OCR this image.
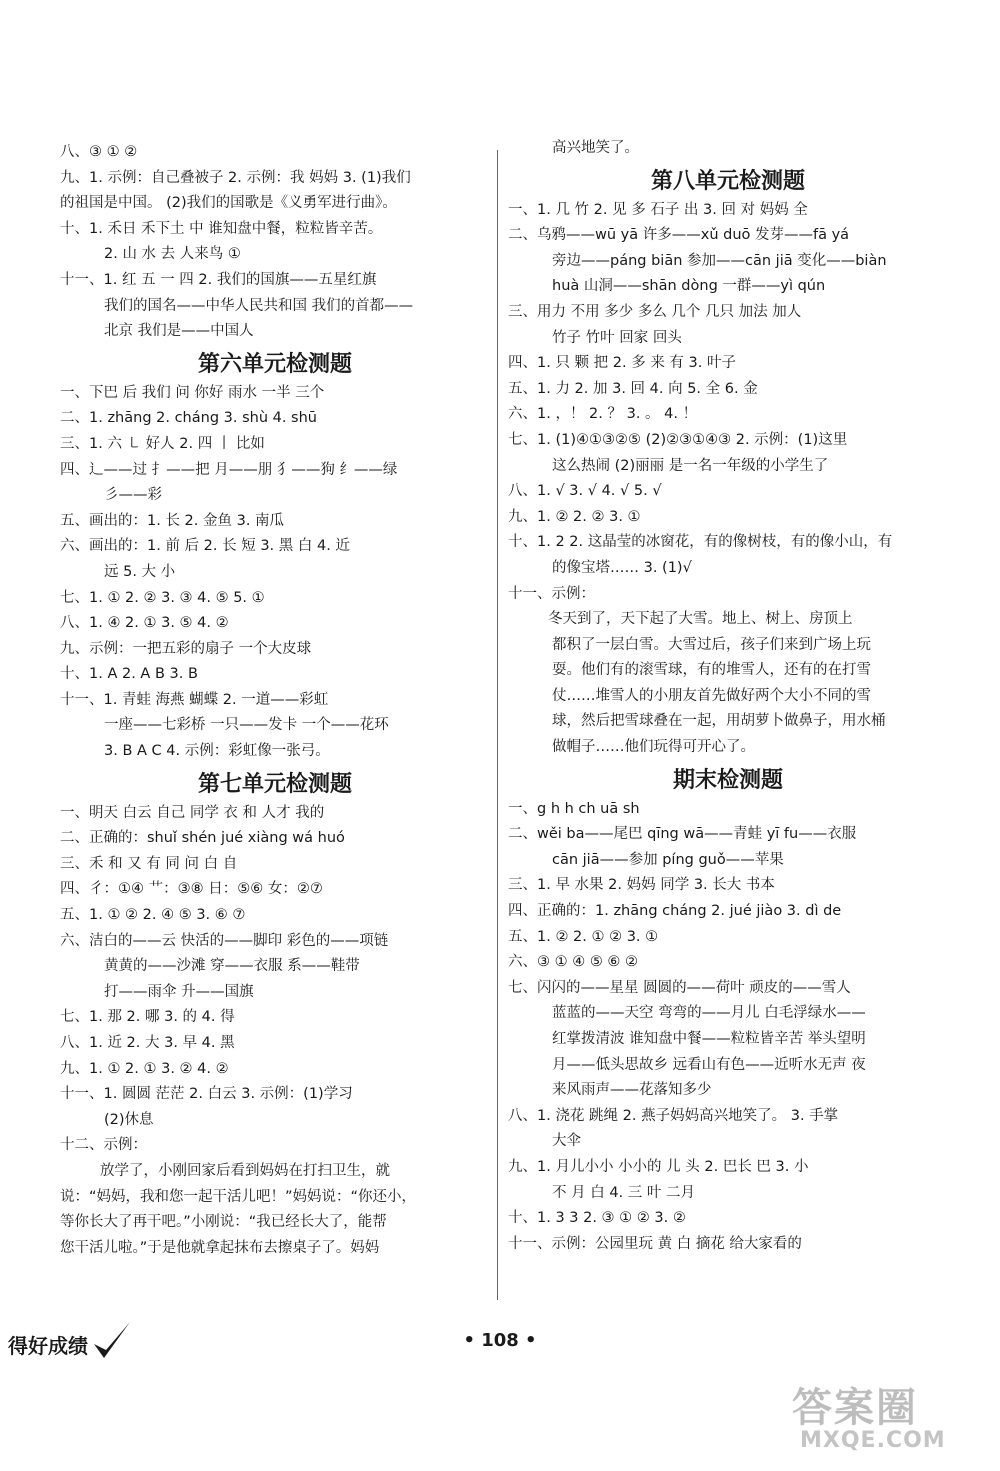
八、③ ① ②
九、1. 示例：自己叠被子 2. 示例：我 妈妈 3. (1)我们
的祖国是中国。 (2)我们的国歌是《义勇军进行曲》。
十、1. 禾日 禾下土 中 谁知盘中餐，粒粒皆辛苦。
2. 山 水 去 人来鸟 ①
十一、1. 红 五 一 四 2. 我们的国旗——五星红旗
我们的国名——中华人民共和国 我们的首都——
北京 我们是——中国人
第六单元检测题
一、下巴 后 我们 问 你好 雨水 一半 三个
二、1. zhāng 2. cháng 3. shù 4. shū
三、1. 六 ㇄ 好人 2. 四 丨 比如
四、辶——过 扌——把 月——朋 犭——狗 纟——绿
彡——彩
五、画出的：1. 长 2. 金鱼 3. 南瓜
六、画出的：1. 前 后 2. 长 短 3. 黑 白 4. 近
远 5. 大 小
七、1. ① 2. ② 3. ③ 4. ⑤ 5. ①
八、1. ④ 2. ① 3. ⑤ 4. ②
九、示例：一把五彩的扇子 一个大皮球
十、1. A 2. A B 3. B
十一、1. 青蛙 海燕 蝴蝶 2. 一道——彩虹
一座——七彩桥 一只——发卡 一个——花环
3. B A C 4. 示例：彩虹像一张弓。
第七单元检测题
一、明天 白云 自己 同学 衣 和 人才 我的
二、正确的：shuǐ shén jué xiàng wá huó
三、禾 和 又 有 同 问 白 自
四、彳：①④ 艹：③⑧ 日：⑤⑥ 女：②⑦
五、1. ① ② 2. ④ ⑤ 3. ⑥ ⑦
六、洁白的——云 快活的——脚印 彩色的——项链
黄黄的——沙滩 穿——衣服 系——鞋带
打——雨伞 升——国旗
七、1. 那 2. 哪 3. 的 4. 得
八、1. 近 2. 大 3. 早 4. 黑
九、1. ① 2. ① 3. ② 4. ②
十一、1. 圆圆 茫茫 2. 白云 3. 示例：(1)学习
(2)休息
十二、示例：
放学了，小刚回家后看到妈妈在打扫卫生，就
说：“妈妈，我和您一起干活儿吧！”妈妈说：“你还小，
等你长大了再干吧。”小刚说：“我已经长大了，能帮
您干活儿啦。”于是他就拿起抹布去擦桌子了。妈妈
高兴地笑了。
第八单元检测题
一、1. 几 竹 2. 见 多 石子 出 3. 回 对 妈妈 全
二、乌鸦——wū yā 许多——xǔ duō 发芽——fā yá
旁边——páng biān 参加——cān jiā 变化——biàn
huà 山洞——shān dòng 一群——yì qún
三、用力 不用 多少 多么 几个 几只 加法 加人
竹子 竹叶 回家 回头
四、1. 只 颗 把 2. 多 来 有 3. 叶子
五、1. 力 2. 加 3. 回 4. 向 5. 全 6. 金
六、1. ，！ 2. ？ 3. 。 4. ！
七、1. (1)④①③②⑤ (2)②③①④③ 2. 示例：(1)这里
这么热闹 (2)丽丽 是一名一年级的小学生了
八、1. √ 3. √ 4. √ 5. √
九、1. ② 2. ② 3. ①
十、1. 2 2. 这晶莹的冰窗花，有的像树枝，有的像小山，有
的像宝塔…… 3. (1)√
十一、示例：
冬天到了，天下起了大雪。地上、树上、房顶上
都积了一层白雪。大雪过后，孩子们来到广场上玩
耍。他们有的滚雪球，有的堆雪人，还有的在打雪
仗……堆雪人的小朋友首先做好两个大小不同的雪
球，然后把雪球叠在一起，用胡萝卜做鼻子，用水桶
做帽子……他们玩得可开心了。
期末检测题
一、g h h ch uā sh
二、wěi ba——尾巴 qīng wā——青蛙 yī fu——衣服
cān jiā——参加 píng guǒ——苹果
三、1. 早 水果 2. 妈妈 同学 3. 长大 书本
四、正确的：1. zhāng cháng 2. jué jiào 3. dì de
五、1. ② 2. ① ② 3. ①
六、③ ① ④ ⑤ ⑥ ②
七、闪闪的——星星 圆圆的——荷叶 顽皮的——雪人
蓝蓝的——天空 弯弯的——月儿 白毛浮绿水——
红掌拨清波 谁知盘中餐——粒粒皆辛苦 举头望明
月——低头思故乡 远看山有色——近听水无声 夜
来风雨声——花落知多少
八、1. 浇花 跳绳 2. 燕子妈妈高兴地笑了。 3. 手掌
大伞
九、1. 月儿小小 小小的 儿 头 2. 巴长 巴 3. 小
不 月 白 4. 三 叶 二月
十、1. 3 3 2. ③ ① ② 3. ②
十一、示例：公园里玩 黄 白 摘花 给大家看的
得好成绩	• 108 •
答案圈
MXQE.COM
